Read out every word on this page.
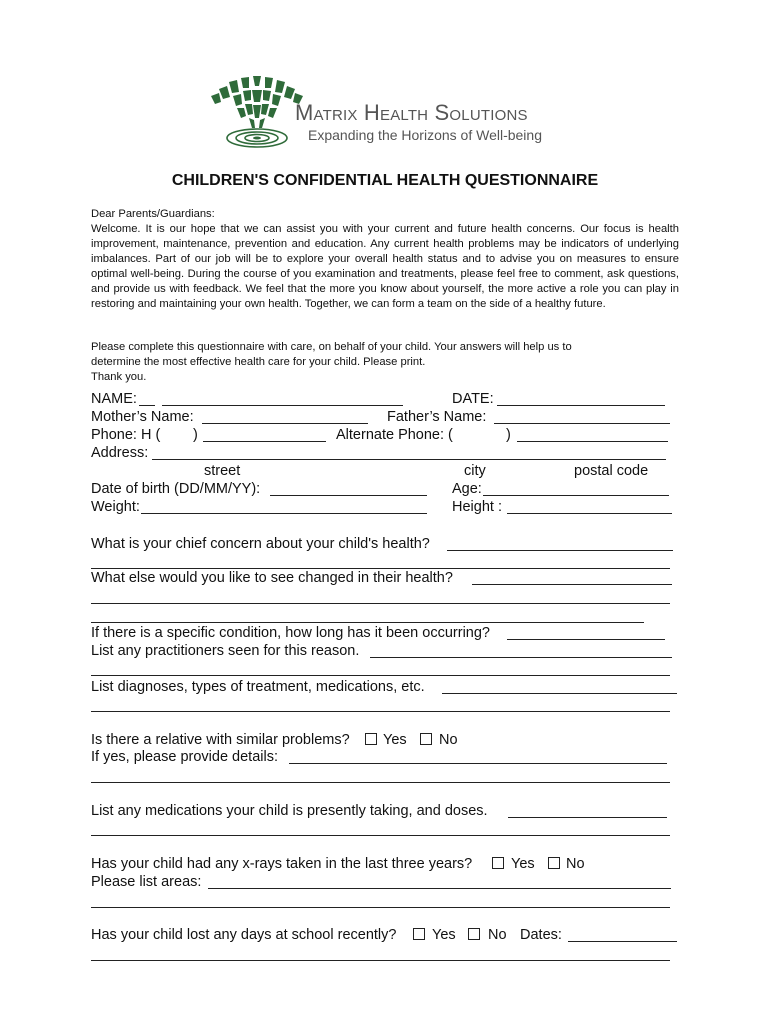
Matrix Health Solutions
Expanding the Horizons of Well-being
CHILDREN'S CONFIDENTIAL HEALTH QUESTIONNAIRE

Dear Parents/Guardians:

Welcome. It is our hope that we can assist you with your current and future health concerns. Our focus is health improvement, maintenance, prevention and education. Any current health problems may be indicators of underlying imbalances. Part of our job will be to explore your overall health status and to advise you on measures to ensure optimal well-being. During the course of you examination and treatments, please feel free to comment, ask questions, and provide us with feedback. We feel that the more you know about yourself, the more active a role you can play in restoring and maintaining your own health. Together, we can form a team on the side of a healthy future.

Please complete this questionnaire with care, on behalf of your child. Your answers will help us to

determine the most effective health care for your child. Please print.

Thank you.

NAME:	DATE:
Mother’s Name:	Father’s Name:
Phone: H ( )	Alternate Phone: (	)
Address:
street	city	postal code
Date of birth (DD/MM/YY):	Age:
Weight:	Height :
What is your chief concern about your child's health?
What else would you like to see changed in their health?
If there is a specific condition, how long has it been occurring?
List any practitioners seen for this reason.
List diagnoses, types of treatment, medications, etc.
Is there a relative with similar problems? Yes No
If yes, please provide details:
List any medications your child is presently taking, and doses.
Has your child had any x-rays taken in the last three years?	Yes No
Please list areas:
Has your child lost any days at school recently? Yes No Dates:
